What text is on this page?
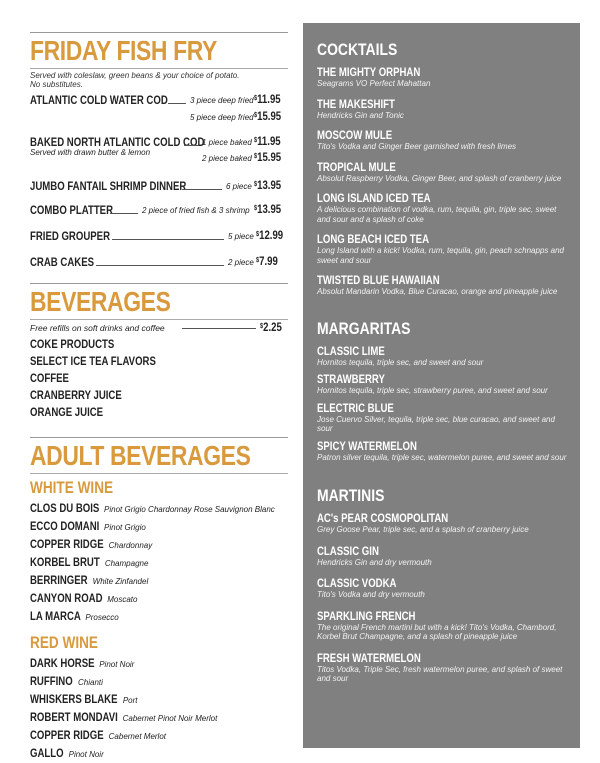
FRIDAY FISH FRY
Served with coleslaw, green beans & your choice of potato.
No substitutes.
ATLANTIC COLD WATER COD	3 piece deep fried $11.95
5 piece deep fried $15.95
BAKED NORTH ATLANTIC COLD COD
Served with drawn butter & lemon
1 piece baked $11.95
2 piece baked $15.95
JUMBO FANTAIL SHRIMP DINNER	6 piece $13.95
COMBO PLATTER	2 piece of fried fish & 3 shrimp $13.95
FRIED GROUPER	5 piece $12.99
CRAB CAKES	2 piece $7.99
BEVERAGES
Free refills on soft drinks and coffee	$2.25
COKE PRODUCTS
SELECT ICE TEA FLAVORS
COFFEE
CRANBERRY JUICE
ORANGE JUICE
ADULT BEVERAGES
WHITE WINE
CLOS DU BOIS Pinot Grigio Chardonnay Rose Sauvignon Blanc
ECCO DOMANI Pinot Grigio
COPPER RIDGE Chardonnay
KORBEL BRUT Champagne
BERRINGER White Zinfandel
CANYON ROAD Moscato
LA MARCA Prosecco
RED WINE
DARK HORSE Pinot Noir
RUFFINO Chianti
WHISKERS BLAKE Port
ROBERT MONDAVI Cabernet Pinot Noir Merlot
COPPER RIDGE Cabernet Merlot
GALLO Pinot Noir
COCKTAILS
THE MIGHTY ORPHAN
Seagrams VO Perfect Mahattan
THE MAKESHIFT
Hendricks Gin and Tonic
MOSCOW MULE
Tito's Vodka and Ginger Beer garnished with fresh limes
TROPICAL MULE
Absolut Raspberry Vodka, Ginger Beer, and splash of cranberry juice
LONG ISLAND ICED TEA
A delicious combination of vodka, rum, tequila, gin, triple sec, sweet and sour and a splash of coke
LONG BEACH ICED TEA
Long Island with a kick! Vodka, rum, tequila, gin, peach schnapps and sweet and sour
TWISTED BLUE HAWAIIAN
Absolut Mandarin Vodka, Blue Curacao, orange and pineapple juice
MARGARITAS
CLASSIC LIME
Hornitos tequila, triple sec, and sweet and sour
STRAWBERRY
Hornitos tequila, triple sec, strawberry puree, and sweet and sour
ELECTRIC BLUE
Jose Cuervo Silver, tequila, triple sec, blue curacao, and sweet and sour
SPICY WATERMELON
Patron silver tequila, triple sec, watermelon puree, and sweet and sour
MARTINIS
AC's PEAR COSMOPOLITAN
Grey Goose Pear, triple sec, and a splash of cranberry juice
CLASSIC GIN
Hendricks Gin and dry vermouth
CLASSIC VODKA
Tito's Vodka and dry vermouth
SPARKLING FRENCH
The original French martini but with a kick! Tito's Vodka, Chambord, Korbel Brut Champagne, and a splash of pineapple juice
FRESH WATERMELON
Titos Vodka, Triple Sec, fresh watermelon puree, and splash of sweet and sour
